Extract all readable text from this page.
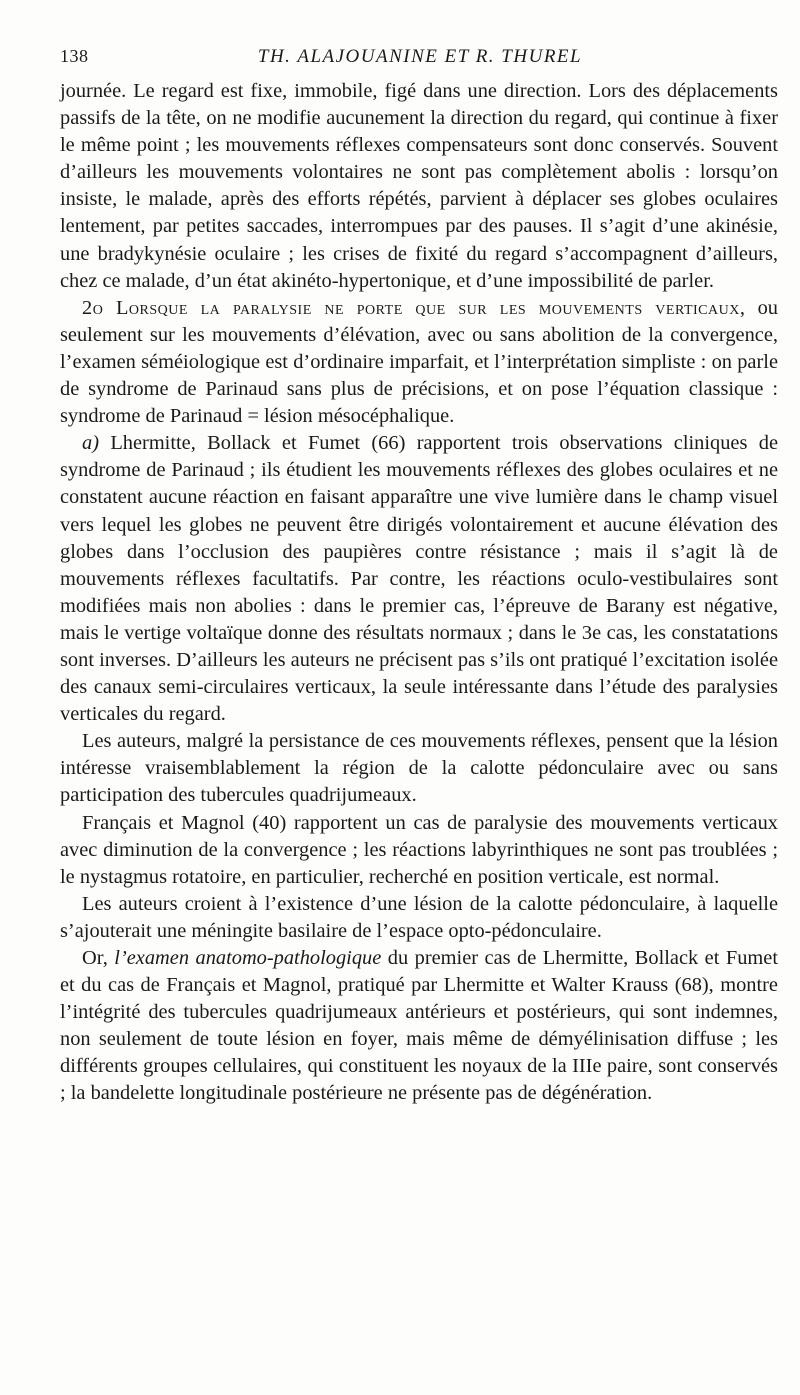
138	TH. ALAJOUANINE ET R. THUREL

journée. Le regard est fixe, immobile, figé dans une direction. Lors des déplacements passifs de la tête, on ne modifie aucunement la direction du regard, qui continue à fixer le même point ; les mouvements réflexes compensateurs sont donc conservés. Souvent d’ailleurs les mouvements volontaires ne sont pas complètement abolis : lorsqu’on insiste, le malade, après des efforts répétés, parvient à déplacer ses globes oculaires lentement, par petites saccades, interrompues par des pauses. Il s’agit d’une akinésie, une bradykynésie oculaire ; les crises de fixité du regard s’accompagnent d’ailleurs, chez ce malade, d’un état akinéto-hypertonique, et d’une impossibilité de parler.

2o Lorsque la paralysie ne porte que sur les mouvements verticaux, ou seulement sur les mouvements d’élévation, avec ou sans abolition de la convergence, l’examen séméiologique est d’ordinaire imparfait, et l’interprétation simpliste : on parle de syndrome de Parinaud sans plus de précisions, et on pose l’équation classique : syndrome de Parinaud = lésion mésocéphalique.

a) Lhermitte, Bollack et Fumet (66) rapportent trois observations cliniques de syndrome de Parinaud ; ils étudient les mouvements réflexes des globes oculaires et ne constatent aucune réaction en faisant apparaître une vive lumière dans le champ visuel vers lequel les globes ne peuvent être dirigés volontairement et aucune élévation des globes dans l’occlusion des paupières contre résistance ; mais il s’agit là de mouvements réflexes facultatifs. Par contre, les réactions oculo-vestibulaires sont modifiées mais non abolies : dans le premier cas, l’épreuve de Barany est négative, mais le vertige voltaïque donne des résultats normaux ; dans le 3e cas, les constatations sont inverses. D’ailleurs les auteurs ne précisent pas s’ils ont pratiqué l’excitation isolée des canaux semi-circulaires verticaux, la seule intéressante dans l’étude des paralysies verticales du regard.

Les auteurs, malgré la persistance de ces mouvements réflexes, pensent que la lésion intéresse vraisemblablement la région de la calotte pédonculaire avec ou sans participation des tubercules quadrijumeaux.

Français et Magnol (40) rapportent un cas de paralysie des mouvements verticaux avec diminution de la convergence ; les réactions labyrinthiques ne sont pas troublées ; le nystagmus rotatoire, en particulier, recherché en position verticale, est normal.

Les auteurs croient à l’existence d’une lésion de la calotte pédonculaire, à laquelle s’ajouterait une méningite basilaire de l’espace opto-pédonculaire.

Or, l’examen anatomo-pathologique du premier cas de Lhermitte, Bollack et Fumet et du cas de Français et Magnol, pratiqué par Lhermitte et Walter Krauss (68), montre l’intégrité des tubercules quadrijumeaux antérieurs et postérieurs, qui sont indemnes, non seulement de toute lésion en foyer, mais même de démyélinisation diffuse ; les différents groupes cellulaires, qui constituent les noyaux de la IIIe paire, sont conservés ; la bandelette longitudinale postérieure ne présente pas de dégénération.
